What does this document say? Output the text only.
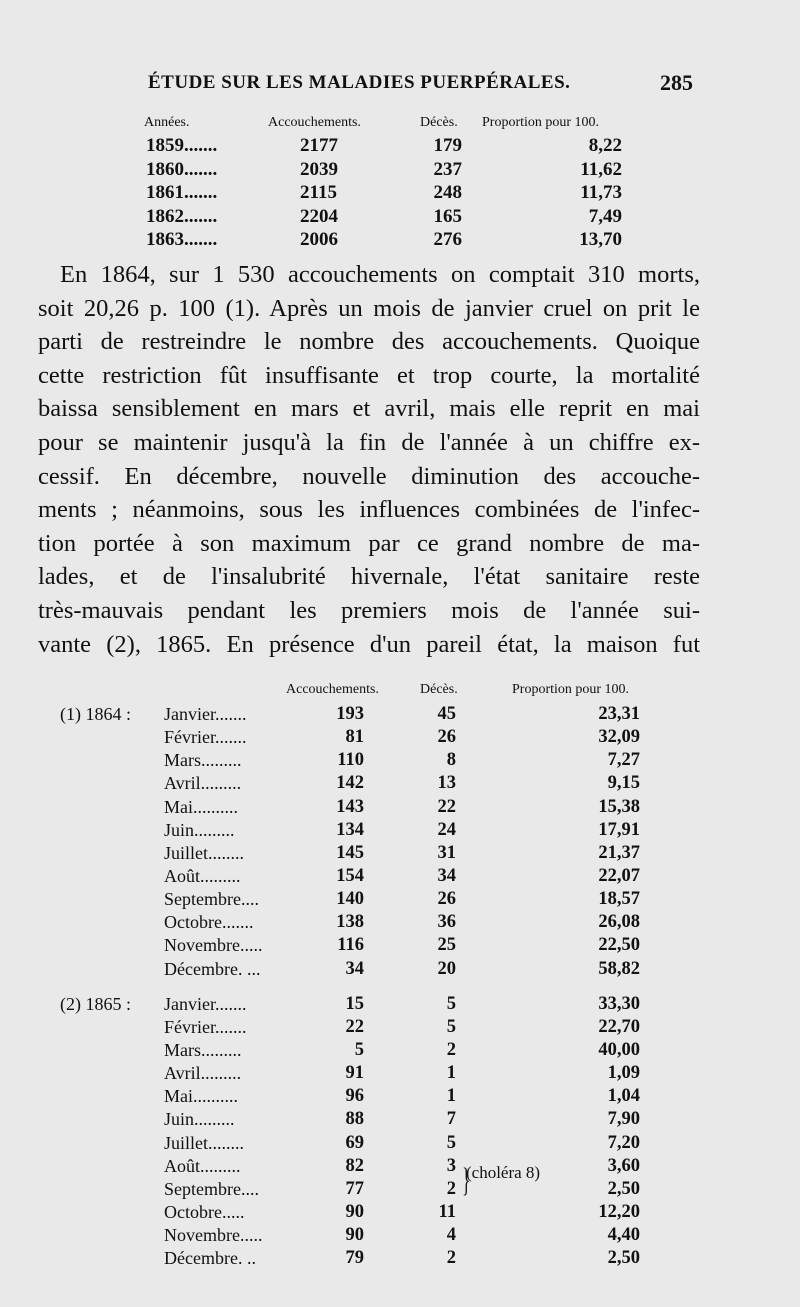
ÉTUDE SUR LES MALADIES PUERPÉRALES.	285
Années.	Accouchements.	Décès. Proportion pour 100.
1859.......	2177	179	8,22
1860.......	2039	237	11,62
1861.......	2115	248	11,73
1862.......	2204	165	7,49
1863.......	2006	276	13,70
En 1864, sur 1 530 accouchements on comptait 310 morts,
soit 20,26 p. 100 (1). Après un mois de janvier cruel on prit le
parti de restreindre le nombre des accouchements. Quoique
cette restriction fût insuffisante et trop courte, la mortalité
baissa sensiblement en mars et avril, mais elle reprit en mai
pour se maintenir jusqu'à la fin de l'année à un chiffre ex-
cessif. En décembre, nouvelle diminution des accouche-
ments ; néanmoins, sous les influences combinées de l'infec-
tion portée à son maximum par ce grand nombre de ma-
lades, et de l'insalubrité hivernale, l'état sanitaire reste
très-mauvais pendant les premiers mois de l'année sui-
vante (2), 1865. En présence d'un pareil état, la maison fut
Accouchements.	Décès.	Proportion pour 100.
(1) 1864 : Janvier.......	193	45	23,31
Février.......	81	26	32,09
Mars.........	110	8	7,27
Avril.........	142	13	9,15
Mai..........	143	22	15,38
Juin.........	134	24	17,91
Juillet........	145	31	21,37
Août.........	154	34	22,07
Septembre....	140	26	18,57
Octobre.......	138	36	26,08
Novembre.....	116	25	22,50
Décembre. ...	34	20	58,82
(2) 1865 : Janvier.......	15	5	33,30
Février.......	22	5	22,70
Mars.........	5	2	40,00
Avril.........	91	1	1,09
Mai..........	96	1	1,04
Juin.........	88	7	7,90
Juillet........	69	5	7,20
Août.........	82	3	3,60
Septembre....	77	2	2,50
Octobre.....	90	11	12,20
Novembre.....	90	4	4,40
Décembre. ..	79	2	2,50
}
(choléra 8)
